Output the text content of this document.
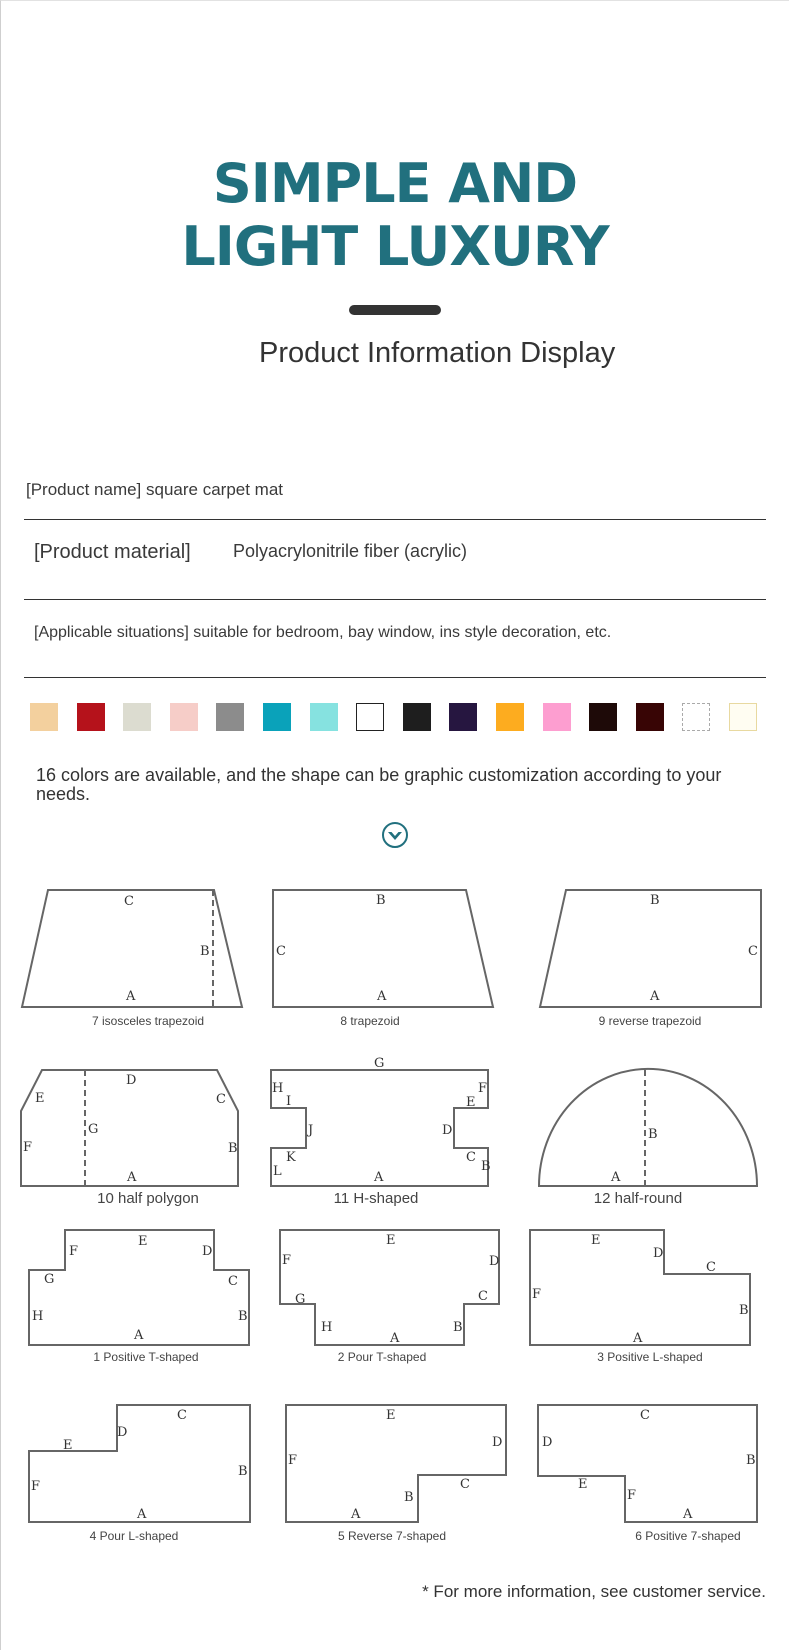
SIMPLE AND
LIGHT LUXURY
Product Information Display
[Product name] square carpet mat
[Product material] Polyacrylonitrile fiber (acrylic)
[Applicable situations] suitable for bedroom, bay window, ins style decoration, etc.
16 colors are available, and the shape can be graphic customization according to your needs.
C
B
A
B
C
A
B
C
A
D
E	C
G
F	B
A
G
H	F
I	E
J	D
K	C
L	A
B
B
A
E
F	D
G	C
H	B
A
E
F	D
G	C
H
A
B
E
D
C
F
B
A
C
D
E
B
F
A
E
D
F
C
B
A
C
D
B
E
F
A
7 isosceles trapezoid	8 trapezoid	9 reverse trapezoid
10 half polygon	11 H-shaped	12 half-round
1 Positive T-shaped	2 Pour T-shaped	3 Positive L-shaped
4 Pour L-shaped	5 Reverse 7-shaped	6 Positive 7-shaped
* For more information, see customer service.
